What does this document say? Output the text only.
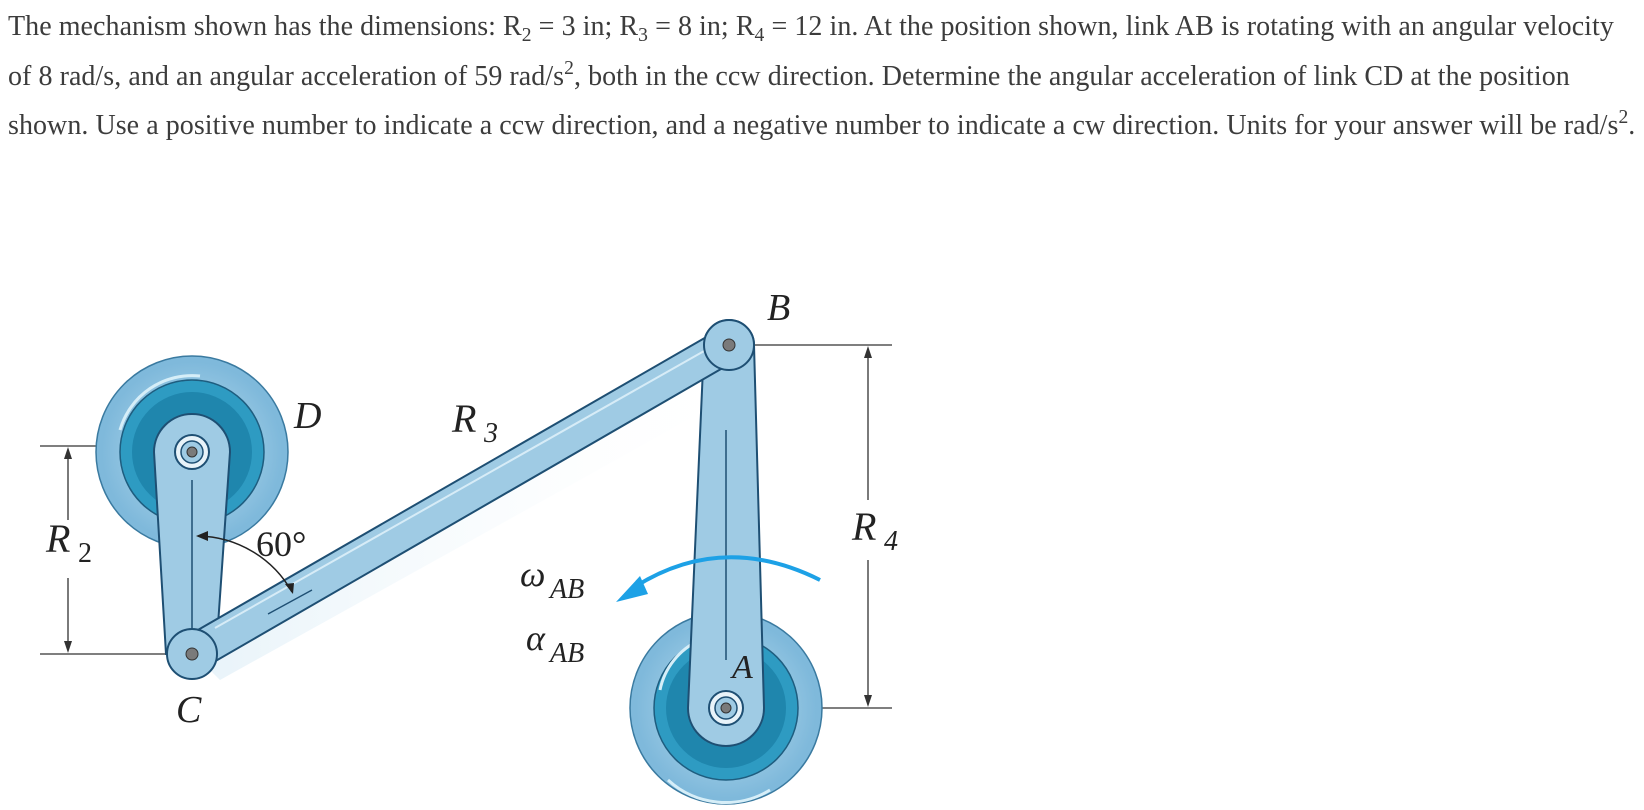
The mechanism shown has the dimensions: $R_2 = 3$ in; $R_3 = 8$ in; $R_4 = 12$ in. At the position shown, link AB is rotating with an angular velocity of 8 rad/s, and an angular acceleration of 59 rad/$s^2$, both in the ccw direction. Determine the angular acceleration of link CD at the position shown. Use a positive number to indicate a ccw direction, and a negative number to indicate a cw direction. Units for your answer will be rad/$s^2$.
B
D
C
A
R 3
R 2
R 4
60°
ω AB
α AB
